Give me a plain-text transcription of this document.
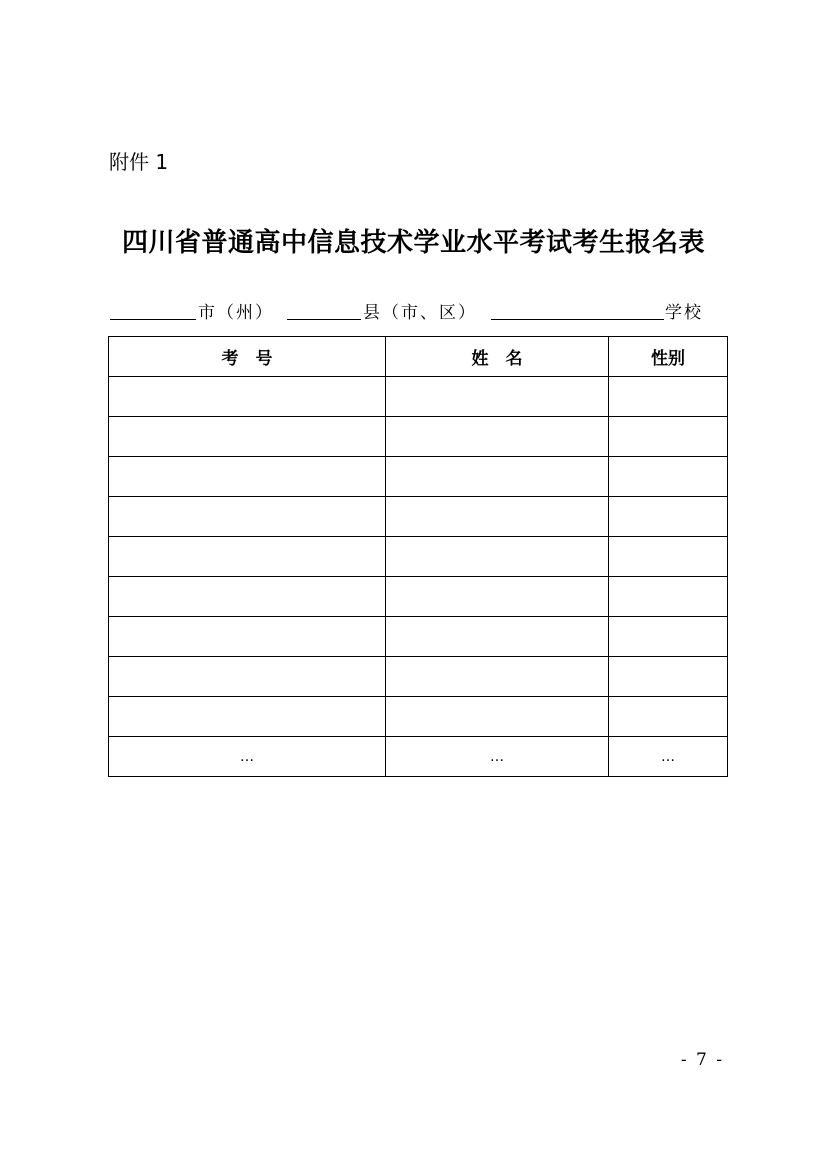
附件 1
四川省普通高中信息技术学业水平考试考生报名表
市（州）	县（市、区）	学校
考　号	姓　名	性别

…	…	…
- 7 -
